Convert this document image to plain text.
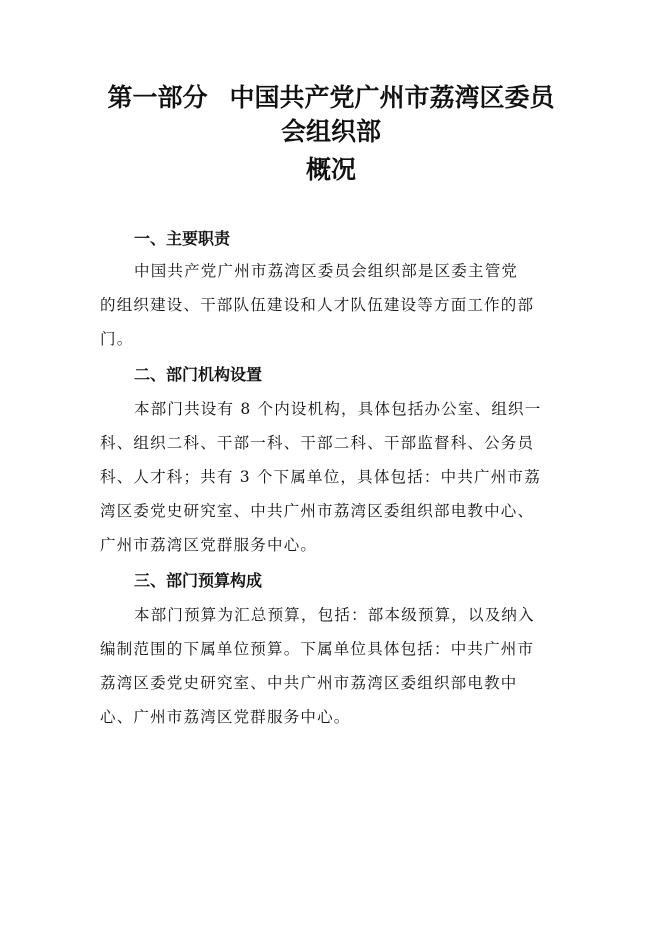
第一部分 中国共产党广州市荔湾区委员
会组织部
概况
一、主要职责
中国共产党广州市荔湾区委员会组织部是区委主管党
的组织建设、干部队伍建设和人才队伍建设等方面工作的部
门。
二、部门机构设置
本部门共设有 8 个内设机构，具体包括办公室、组织一
科、组织二科、干部一科、干部二科、干部监督科、公务员
科、人才科；共有 3 个下属单位，具体包括：中共广州市荔
湾区委党史研究室、中共广州市荔湾区委组织部电教中心、
广州市荔湾区党群服务中心。
三、部门预算构成
本部门预算为汇总预算，包括：部本级预算，以及纳入
编制范围的下属单位预算。下属单位具体包括：中共广州市
荔湾区委党史研究室、中共广州市荔湾区委组织部电教中
心、广州市荔湾区党群服务中心。
